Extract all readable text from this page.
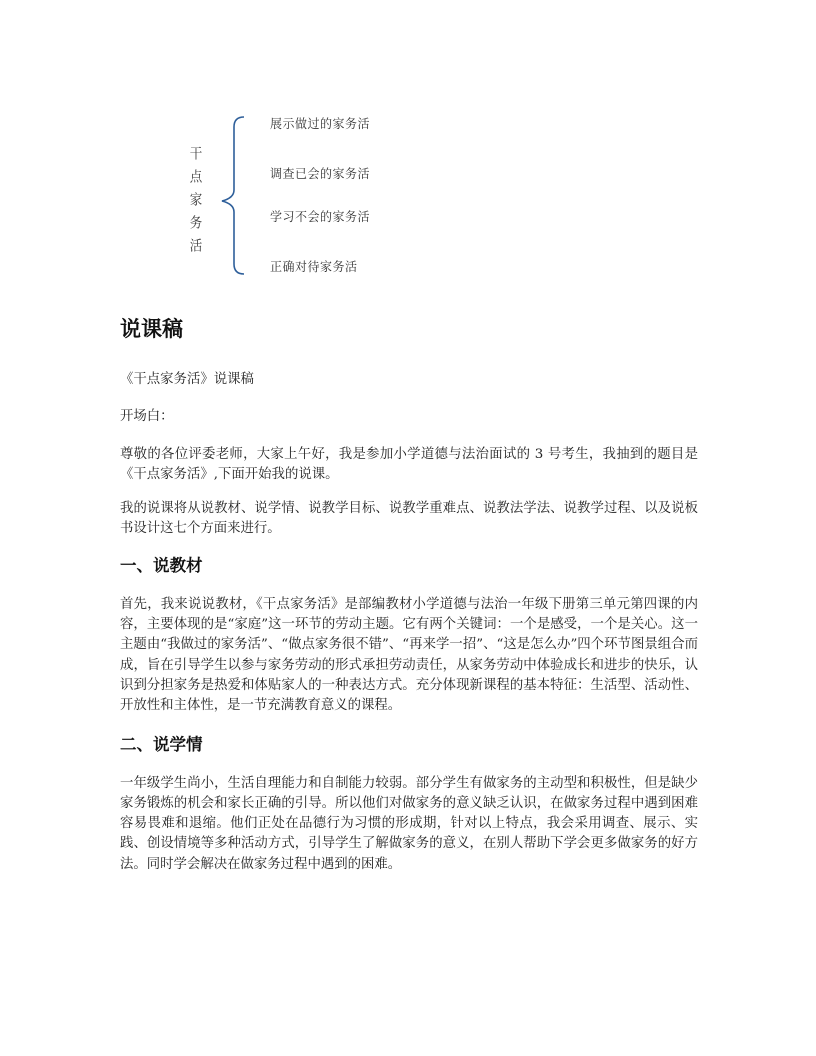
干
点
家
务
活
展示做过的家务活
调查已会的家务活
学习不会的家务活
正确对待家务活
说课稿

《干点家务活》说课稿

开场白：

尊敬的各位评委老师，大家上午好，我是参加小学道德与法治面试的 3 号考生，我抽到的题目是《干点家务活》,下面开始我的说课。

我的说课将从说教材、说学情、说教学目标、说教学重难点、说教法学法、说教学过程、以及说板书设计这七个方面来进行。

一、说教材

首先，我来说说教材，《干点家务活》是部编教材小学道德与法治一年级下册第三单元第四课的内容，主要体现的是“家庭”这一环节的劳动主题。它有两个关键词：一个是感受，一个是关心。这一主题由“我做过的家务活”、“做点家务很不错”、“再来学一招”、“这是怎么办”四个环节图景组合而成，旨在引导学生以参与家务劳动的形式承担劳动责任，从家务劳动中体验成长和进步的快乐，认识到分担家务是热爱和体贴家人的一种表达方式。充分体现新课程的基本特征：生活型、活动性、开放性和主体性，是一节充满教育意义的课程。

二、说学情

一年级学生尚小，生活自理能力和自制能力较弱。部分学生有做家务的主动型和积极性，但是缺少家务锻炼的机会和家长正确的引导。所以他们对做家务的意义缺乏认识，在做家务过程中遇到困难容易畏难和退缩。他们正处在品德行为习惯的形成期，针对以上特点，我会采用调查、展示、实践、创设情境等多种活动方式，引导学生了解做家务的意义，在别人帮助下学会更多做家务的好方法。同时学会解决在做家务过程中遇到的困难。
